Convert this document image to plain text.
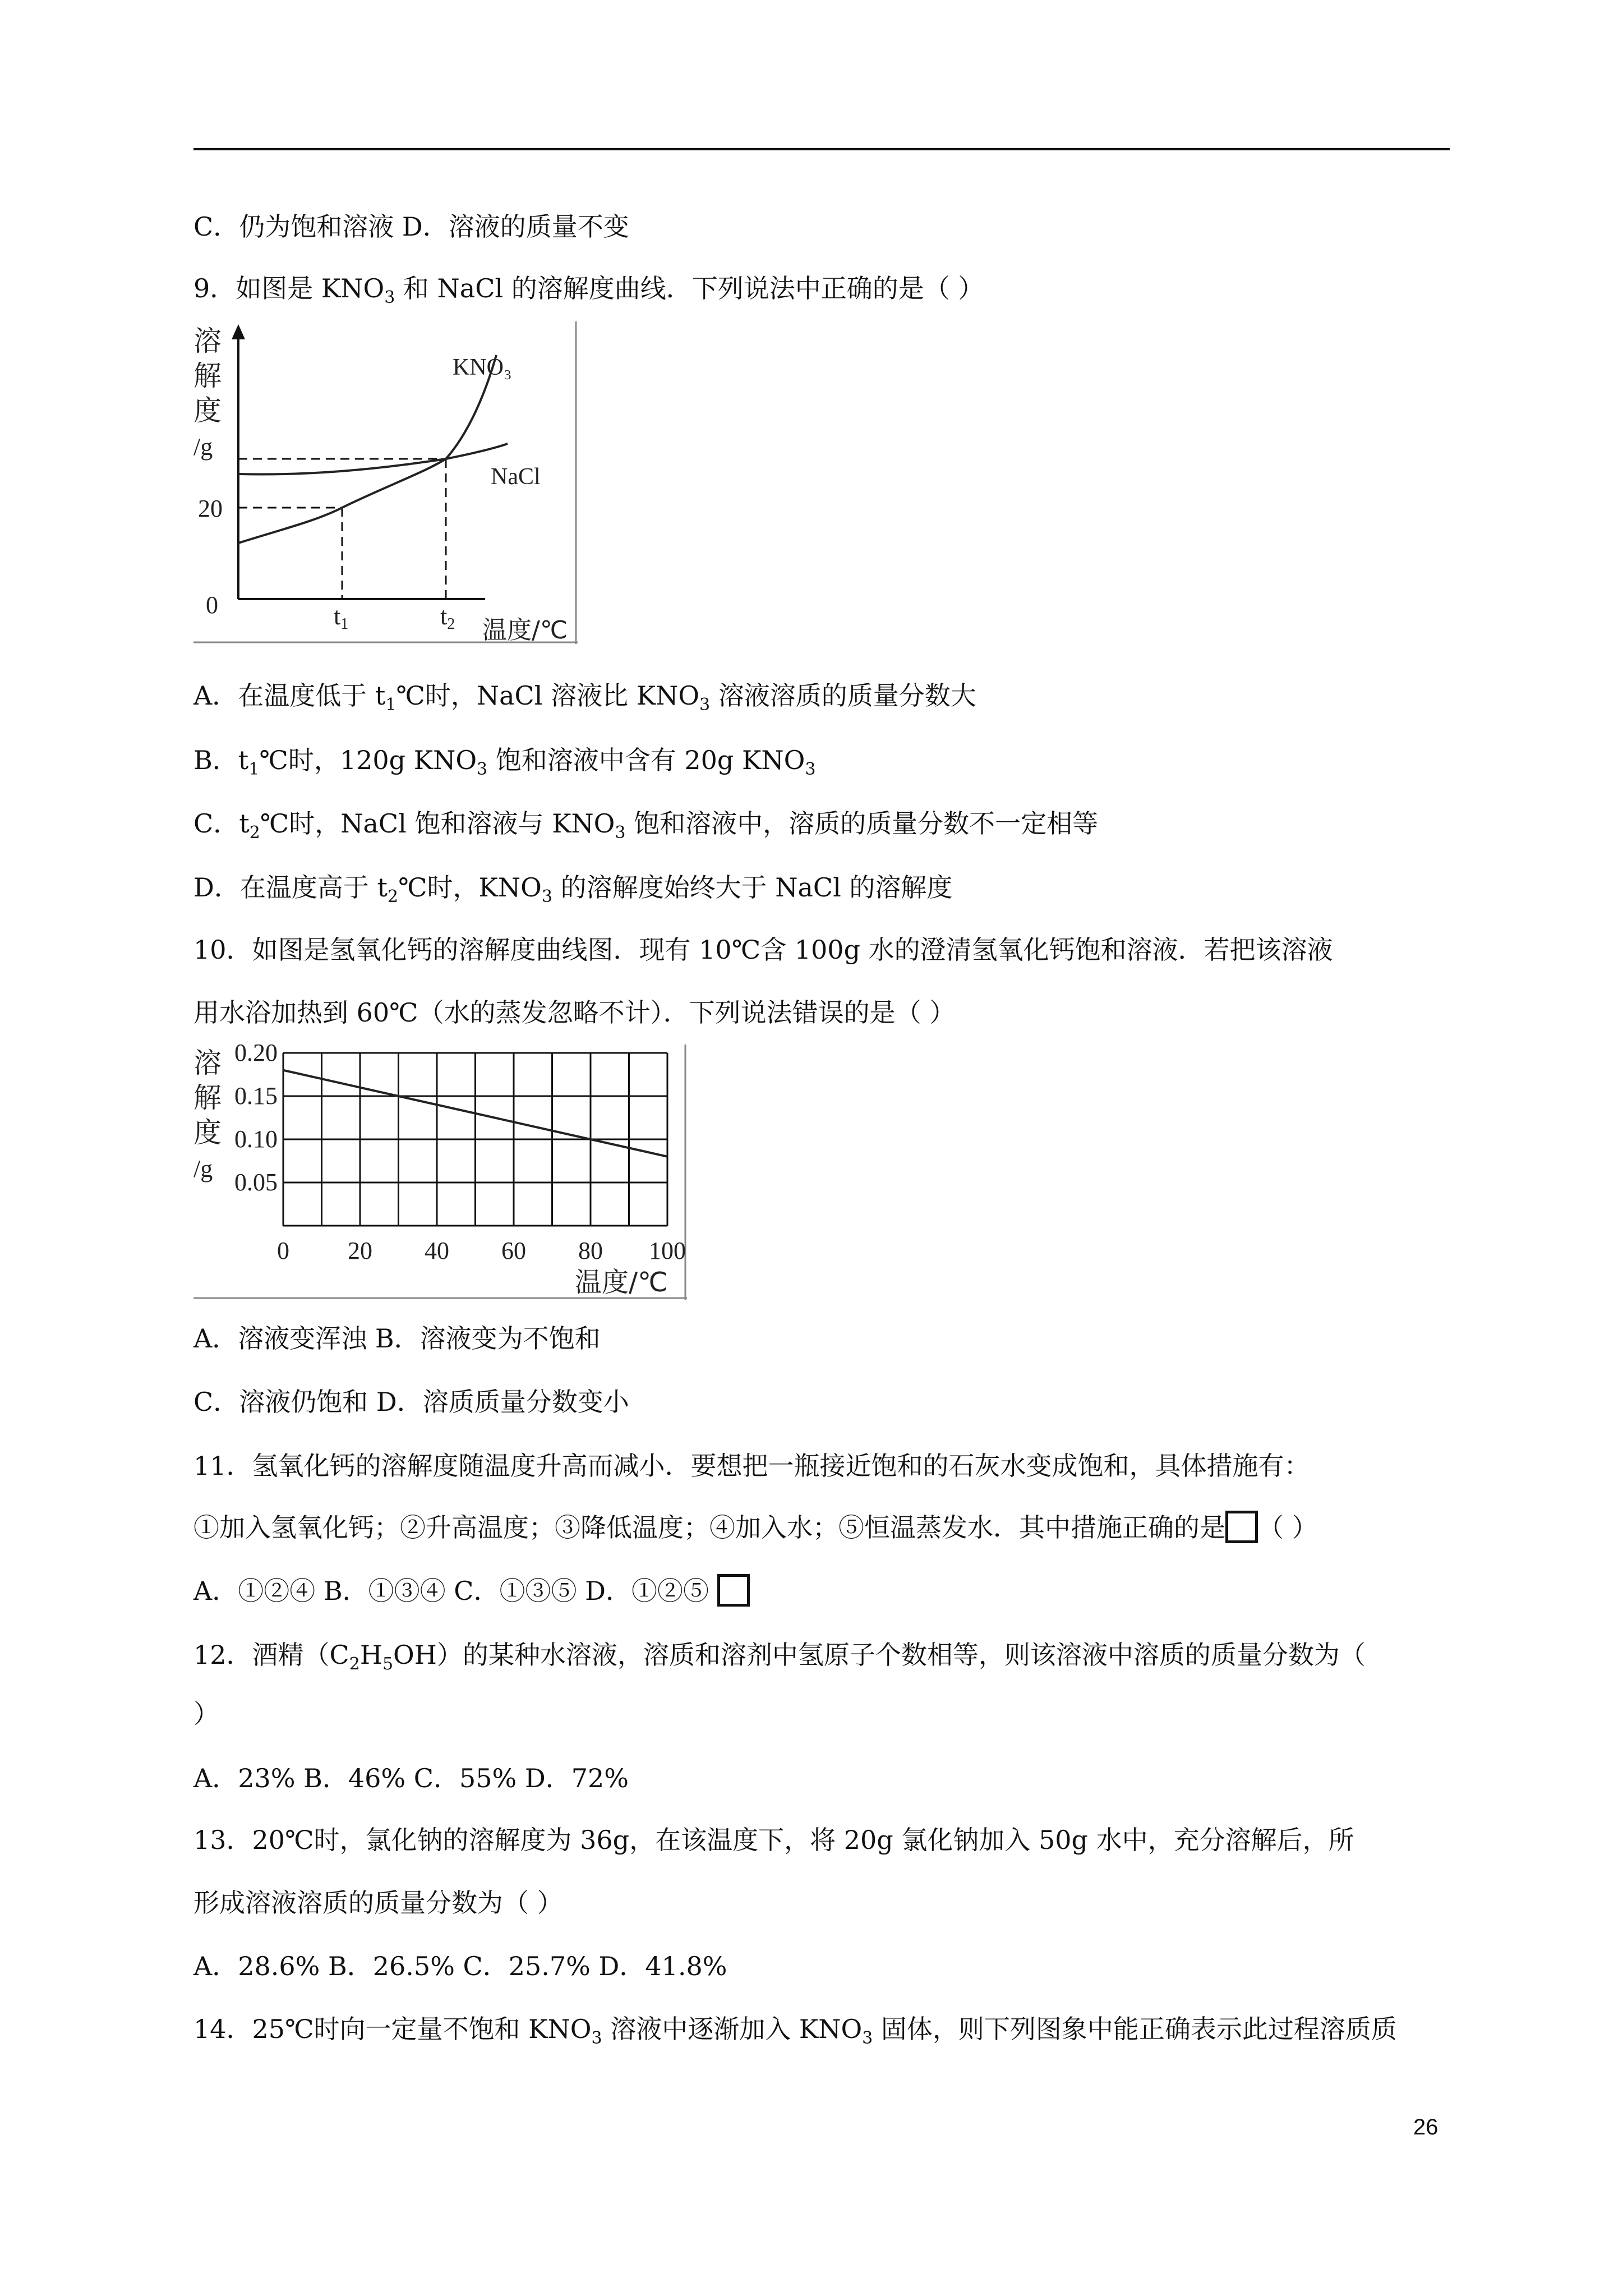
C．仍为饱和溶液 D．溶液的质量不变
9．如图是 $KNO_3$ 和 NaCl 的溶解度曲线．下列说法中正确的是（ ）
溶
解
度
/g
20
0	t1	t2 温度/℃
KNO₃
NaCl
A．在温度低于 $t_1℃$时，NaCl 溶液比 $KNO_3$ 溶液溶质的质量分数大
B．$t_1℃$时，120g $KNO_3$ 饱和溶液中含有 20g $KNO_3$
C．$t_2℃$时，NaCl 饱和溶液与 $KNO_3$ 饱和溶液中，溶质的质量分数不一定相等
D．在温度高于 $t_2℃$时，$KNO_3$ 的溶解度始终大于 NaCl 的溶解度
10．如图是氢氧化钙的溶解度曲线图．现有 10℃含 100g 水的澄清氢氧化钙饱和溶液．若把该溶液
用水浴加热到 60℃（水的蒸发忽略不计）．下列说法错误的是（ ）
溶
解
度
/g
0 20 40 60 80 100
0.20
0.15
0.10
0.05
温度/℃
A．溶液变浑浊 B．溶液变为不饱和
C．溶液仍饱和 D．溶质质量分数变小
11．氢氧化钙的溶解度随温度升高而减小．要想把一瓶接近饱和的石灰水变成饱和，具体措施有：
①加入氢氧化钙；②升高温度；③降低温度；④加入水；⑤恒温蒸发水．其中措施正确的是 （ ）
A．①②④ B．①③④ C．①③⑤ D．①②⑤
12．酒精$(C_2H_5OH)$的某种水溶液，溶质和溶剂中氢原子个数相等，则该溶液中溶质的质量分数为（
）
A．23% B．46% C．55% D．72%
13．20℃时，氯化钠的溶解度为 36g，在该温度下，将 20g 氯化钠加入 50g 水中，充分溶解后，所
形成溶液溶质的质量分数为（ ）
A．28.6% B．26.5% C．25.7% D．41.8%
14．25℃时向一定量不饱和 $KNO_3$ 溶液中逐渐加入 $KNO_3$ 固体，则下列图象中能正确表示此过程溶质质
26
